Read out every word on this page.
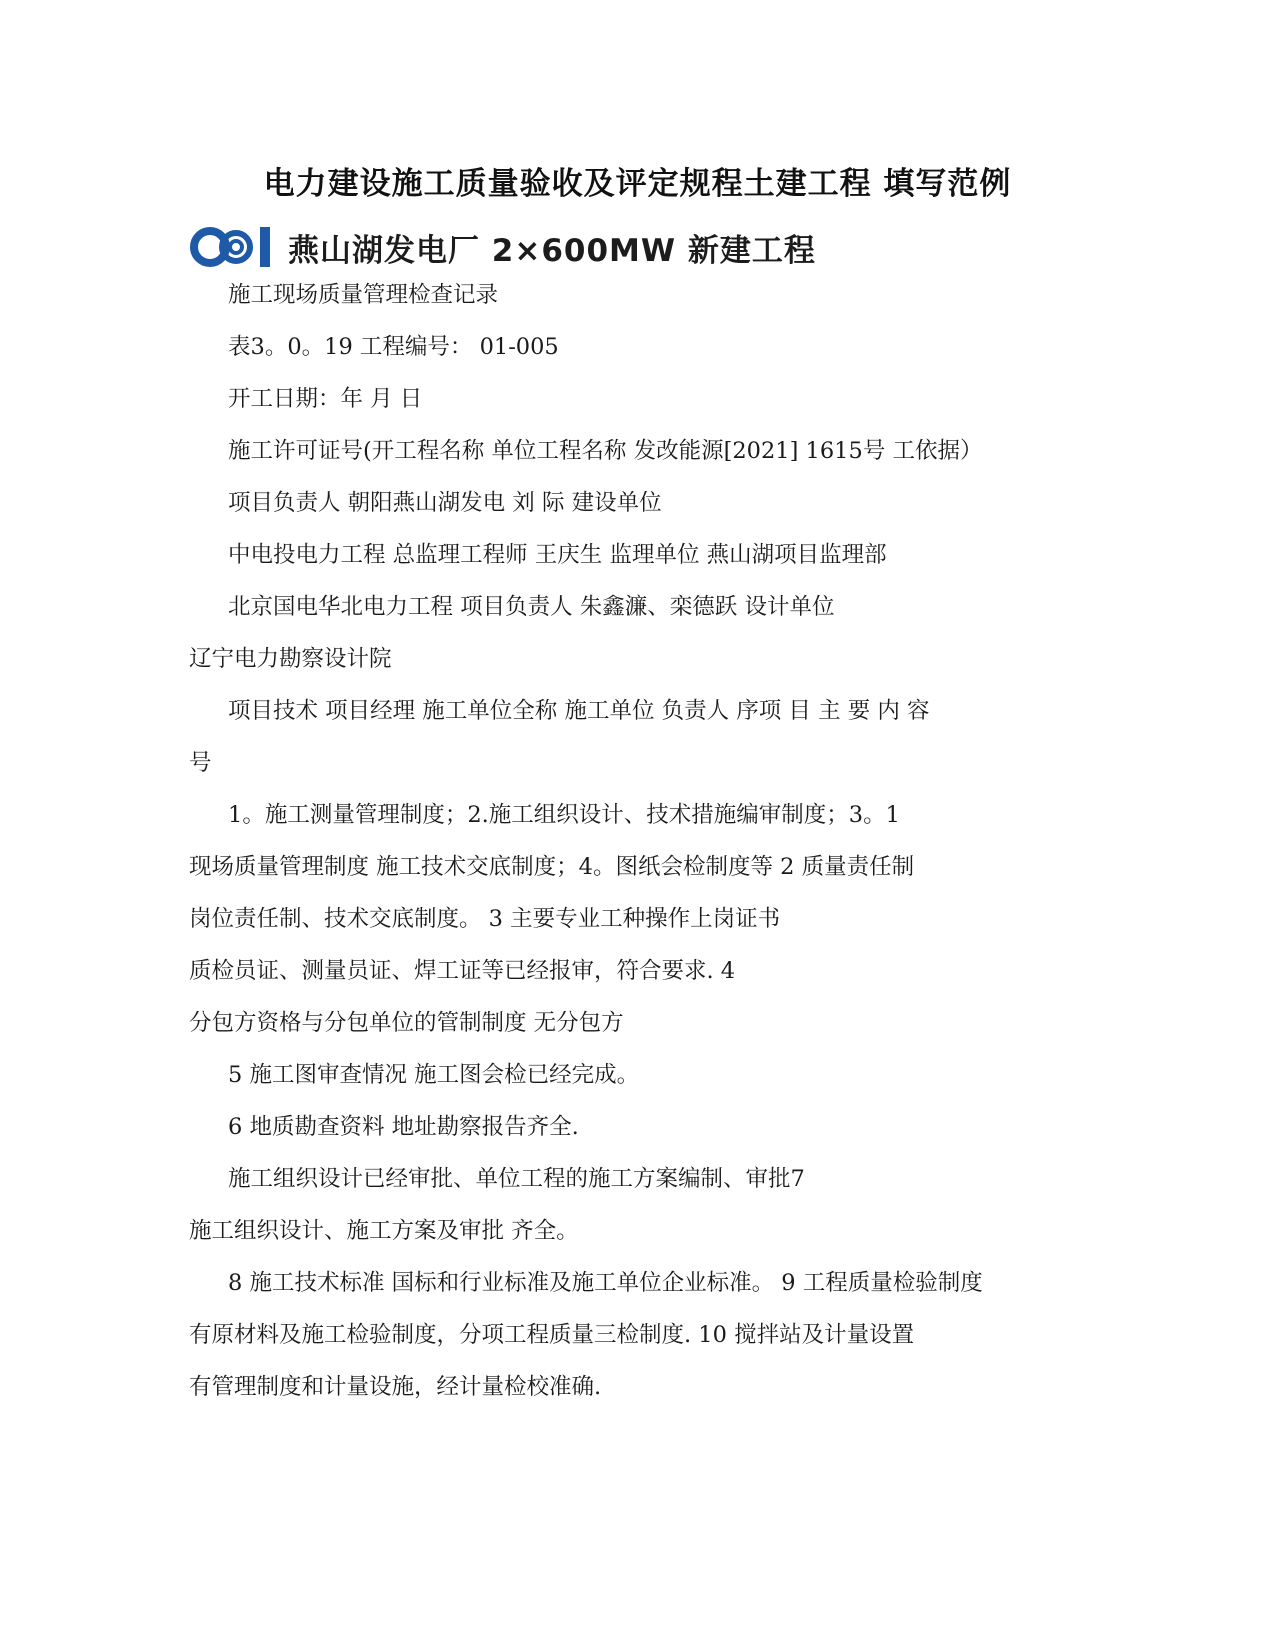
电力建设施工质量验收及评定规程土建工程 填写范例
燕山湖发电厂 2×600MW 新建工程
施工现场质量管理检查记录
表3。0。19 工程编号： 01-005
开工日期：年 月 日
施工许可证号(开工程名称 单位工程名称 发改能源[2021] 1615号 工依据）
项目负责人 朝阳燕山湖发电 刘 际 建设单位
中电投电力工程 总监理工程师 王庆生 监理单位 燕山湖项目监理部
北京国电华北电力工程 项目负责人 朱鑫濂、栾德跃 设计单位
辽宁电力勘察设计院
项目技术 项目经理 施工单位全称 施工单位 负责人 序项 目 主 要 内 容
号
1。施工测量管理制度；2.施工组织设计、技术措施编审制度；3。1
现场质量管理制度 施工技术交底制度；4。图纸会检制度等 2 质量责任制
岗位责任制、技术交底制度。 3 主要专业工种操作上岗证书
质检员证、测量员证、焊工证等已经报审，符合要求. 4
分包方资格与分包单位的管制制度 无分包方
5 施工图审查情况 施工图会检已经完成。
6 地质勘查资料 地址勘察报告齐全.
施工组织设计已经审批、单位工程的施工方案编制、审批7
施工组织设计、施工方案及审批 齐全。
8 施工技术标准 国标和行业标准及施工单位企业标准。 9 工程质量检验制度
有原材料及施工检验制度，分项工程质量三检制度. 10 搅拌站及计量设置
有管理制度和计量设施，经计量检校准确.
